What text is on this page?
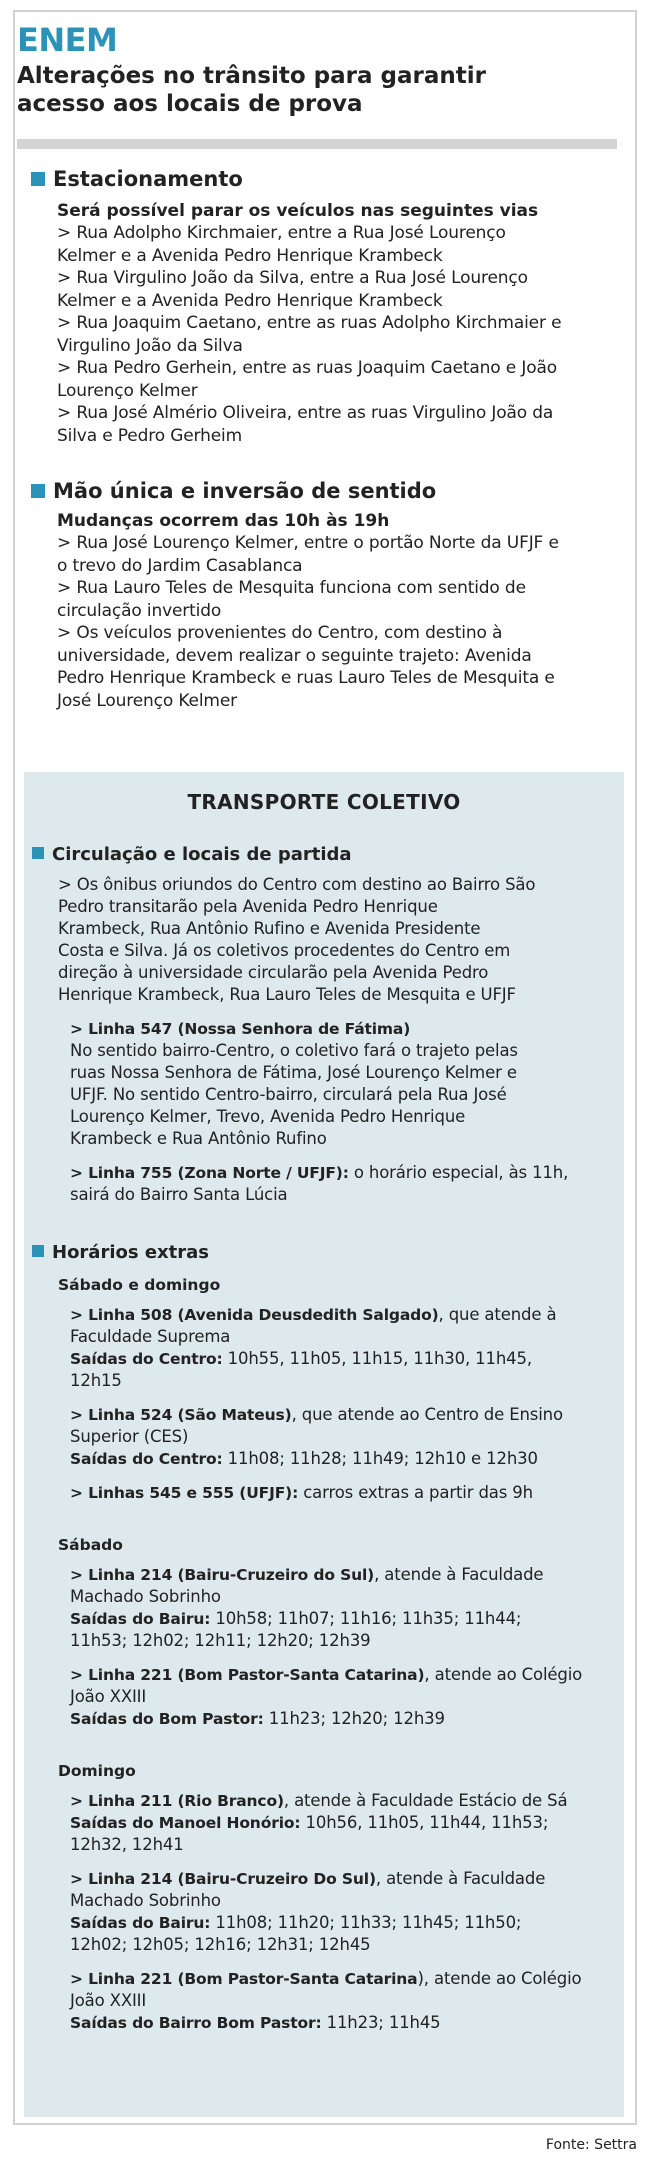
ENEM
Alterações no trânsito para garantir
acesso aos locais de prova
Estacionamento
Será possível parar os veículos nas seguintes vias
> Rua Adolpho Kirchmaier, entre a Rua José Lourenço
Kelmer e a Avenida Pedro Henrique Krambeck
> Rua Virgulino João da Silva, entre a Rua José Lourenço
Kelmer e a Avenida Pedro Henrique Krambeck
> Rua Joaquim Caetano, entre as ruas Adolpho Kirchmaier e
Virgulino João da Silva
> Rua Pedro Gerhein, entre as ruas Joaquim Caetano e João
Lourenço Kelmer
> Rua José Almério Oliveira, entre as ruas Virgulino João da
Silva e Pedro Gerheim
Mão única e inversão de sentido
Mudanças ocorrem das 10h às 19h
> Rua José Lourenço Kelmer, entre o portão Norte da UFJF e
o trevo do Jardim Casablanca
> Rua Lauro Teles de Mesquita funciona com sentido de
circulação invertido
> Os veículos provenientes do Centro, com destino à
universidade, devem realizar o seguinte trajeto: Avenida
Pedro Henrique Krambeck e ruas Lauro Teles de Mesquita e
José Lourenço Kelmer
TRANSPORTE COLETIVO
Circulação e locais de partida
> Os ônibus oriundos do Centro com destino ao Bairro São
Pedro transitarão pela Avenida Pedro Henrique
Krambeck, Rua Antônio Rufino e Avenida Presidente
Costa e Silva. Já os coletivos procedentes do Centro em
direção à universidade circularão pela Avenida Pedro
Henrique Krambeck, Rua Lauro Teles de Mesquita e UFJF
> Linha 547 (Nossa Senhora de Fátima)
No sentido bairro-Centro, o coletivo fará o trajeto pelas
ruas Nossa Senhora de Fátima, José Lourenço Kelmer e
UFJF. No sentido Centro-bairro, circulará pela Rua José
Lourenço Kelmer, Trevo, Avenida Pedro Henrique
Krambeck e Rua Antônio Rufino
> Linha 755 (Zona Norte / UFJF): o horário especial, às 11h,
sairá do Bairro Santa Lúcia
Horários extras
Sábado e domingo
> Linha 508 (Avenida Deusdedith Salgado), que atende à
Faculdade Suprema
Saídas do Centro: 10h55, 11h05, 11h15, 11h30, 11h45,
12h15
> Linha 524 (São Mateus), que atende ao Centro de Ensino
Superior (CES)
Saídas do Centro: 11h08; 11h28; 11h49; 12h10 e 12h30
> Linhas 545 e 555 (UFJF): carros extras a partir das 9h
Sábado
> Linha 214 (Bairu-Cruzeiro do Sul), atende à Faculdade
Machado Sobrinho
Saídas do Bairu: 10h58; 11h07; 11h16; 11h35; 11h44;
11h53; 12h02; 12h11; 12h20; 12h39
> Linha 221 (Bom Pastor-Santa Catarina), atende ao Colégio
João XXIII
Saídas do Bom Pastor: 11h23; 12h20; 12h39
Domingo
> Linha 211 (Rio Branco), atende à Faculdade Estácio de Sá
Saídas do Manoel Honório: 10h56, 11h05, 11h44, 11h53;
12h32, 12h41
> Linha 214 (Bairu-Cruzeiro Do Sul), atende à Faculdade
Machado Sobrinho
Saídas do Bairu: 11h08; 11h20; 11h33; 11h45; 11h50;
12h02; 12h05; 12h16; 12h31; 12h45
> Linha 221 (Bom Pastor-Santa Catarina), atende ao Colégio
João XXIII
Saídas do Bairro Bom Pastor: 11h23; 11h45
Fonte: Settra
